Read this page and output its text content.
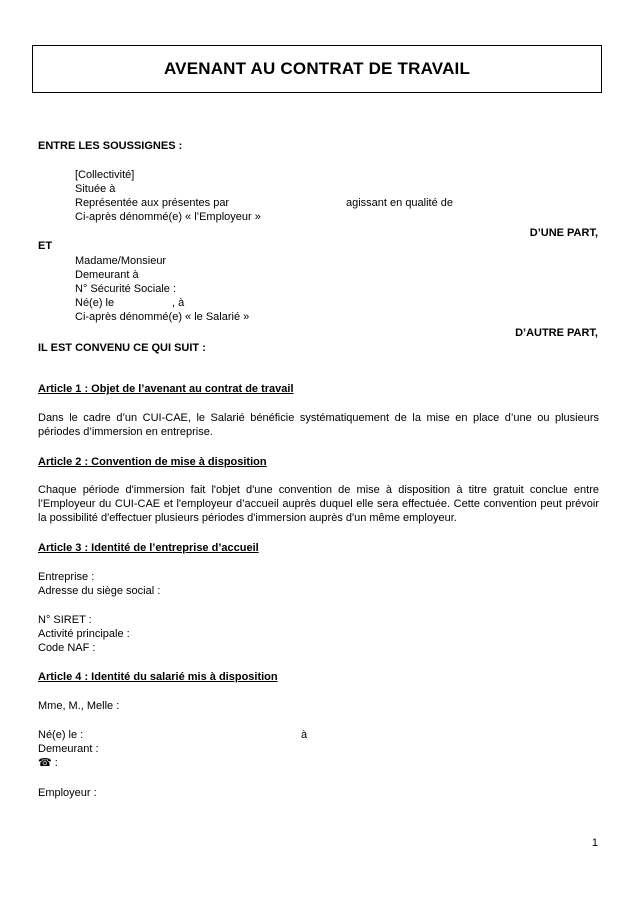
AVENANT AU CONTRAT DE TRAVAIL
ENTRE LES SOUSSIGNES :
[Collectivité]
Située à
Représentée aux présentes par	agissant en qualité de
Ci-après dénommé(e) « l’Employeur »
D’UNE PART,
ET
Madame/Monsieur
Demeurant à
N° Sécurité Sociale :
Né(e) le	, à
Ci-après dénommé(e) « le Salarié »
D’AUTRE PART,
IL EST CONVENU CE QUI SUIT :
Article 1 : Objet de l’avenant au contrat de travail
Dans le cadre d’un CUI-CAE, le Salarié bénéficie systématiquement de la mise en place d’une ou plusieurs périodes d’immersion en entreprise.
Article 2 : Convention de mise à disposition
Chaque période d'immersion fait l'objet d'une convention de mise à disposition à titre gratuit conclue entre l’Employeur du CUI-CAE et l'employeur d’accueil auprès duquel elle sera effectuée. Cette convention peut prévoir la possibilité d'effectuer plusieurs périodes d'immersion auprès d'un même employeur.
Article 3 : Identité de l’entreprise d’accueil
Entreprise :
Adresse du siège social :
N° SIRET :
Activité principale :
Code NAF :
Article 4 : Identité du salarié mis à disposition
Mme, M., Melle :
Né(e) le :	à
Demeurant :
☎ :
Employeur :
1
